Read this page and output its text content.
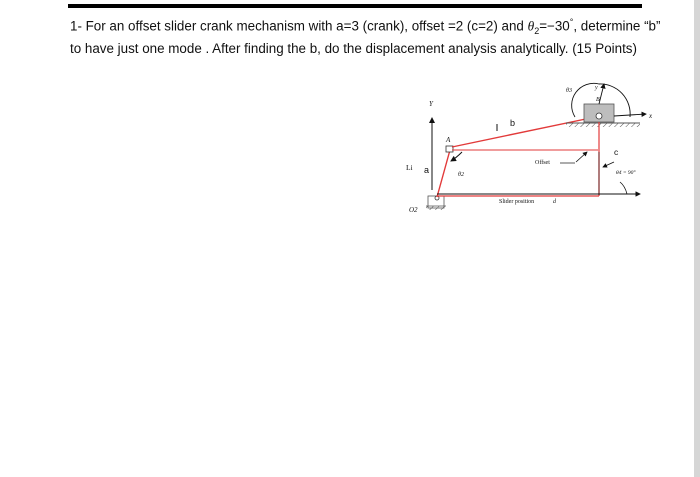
1- For an offset slider crank mechanism with a=3 (crank), offset =2 (c=2) and $\theta_2=-30^\circ$, determine “b”
to have just one mode . After finding the b, do the displacement analysis analytically. (15 Points)
Y
Li a
O2
A
θ2
b
B
x
y
θ3
c
Offset
θ4 = 90°
Slider position	d
